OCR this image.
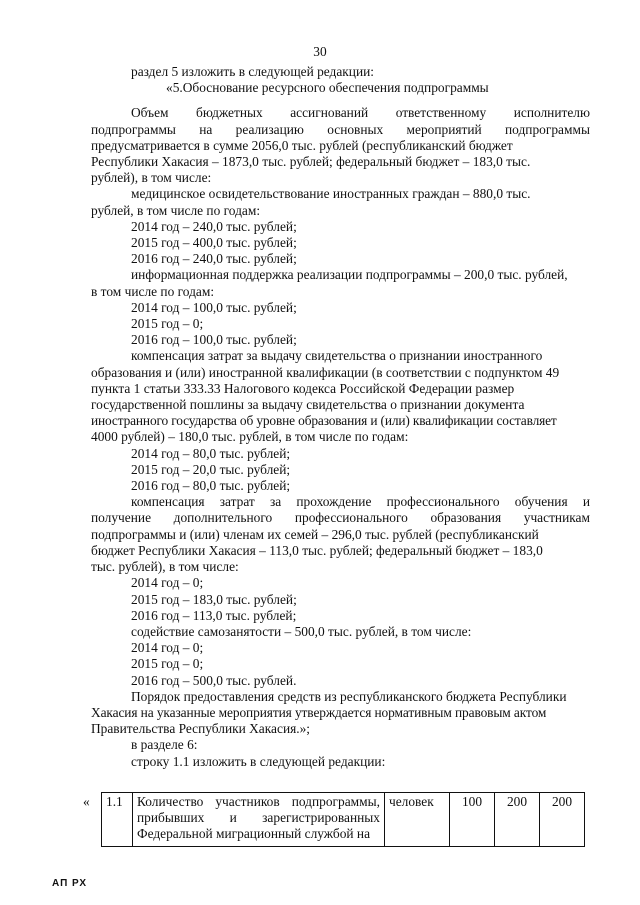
30
раздел 5 изложить в следующей редакции:
«5.Обоснование ресурсного обеспечения подпрограммы
Объем бюджетных ассигнований ответственному исполнителю
подпрограммы на реализацию основных мероприятий подпрограммы
предусматривается в сумме 2056,0 тыс. рублей (республиканский бюджет
Республики Хакасия – 1873,0 тыс. рублей; федеральный бюджет – 183,0 тыс.
рублей), в том числе:
медицинское освидетельствование иностранных граждан – 880,0 тыс.
рублей, в том числе по годам:
2014 год – 240,0 тыс. рублей;
2015 год – 400,0 тыс. рублей;
2016 год – 240,0 тыс. рублей;
информационная поддержка реализации подпрограммы – 200,0 тыс. рублей,
в том числе по годам:
2014 год – 100,0 тыс. рублей;
2015 год – 0;
2016 год – 100,0 тыс. рублей;
компенсация затрат за выдачу свидетельства о признании иностранного
образования и (или) иностранной квалификации (в соответствии с подпунктом 49
пункта 1 статьи 333.33 Налогового кодекса Российской Федерации размер
государственной пошлины за выдачу свидетельства о признании документа
иностранного государства об уровне образования и (или) квалификации составляет
4000 рублей) – 180,0 тыс. рублей, в том числе по годам:
2014 год – 80,0 тыс. рублей;
2015 год – 20,0 тыс. рублей;
2016 год – 80,0 тыс. рублей;
компенсация затрат за прохождение профессионального обучения и
получение дополнительного профессионального образования участникам
подпрограммы и (или) членам их семей – 296,0 тыс. рублей (республиканский
бюджет Республики Хакасия – 113,0 тыс. рублей; федеральный бюджет – 183,0
тыс. рублей), в том числе:
2014 год – 0;
2015 год – 183,0 тыс. рублей;
2016 год – 113,0 тыс. рублей;
содействие самозанятости – 500,0 тыс. рублей, в том числе:
2014 год – 0;
2015 год – 0;
2016 год – 500,0 тыс. рублей.
Порядок предоставления средств из республиканского бюджета Республики
Хакасия на указанные мероприятия утверждается нормативным правовым актом
Правительства Республики Хакасия.»;
в разделе 6:
строку 1.1 изложить в следующей редакции:
« 1.1	Количество участников подпрограммы,
прибывших и зарегистрированных
Федеральной миграционный службой на
	человек	100	200	200
АП РХ
